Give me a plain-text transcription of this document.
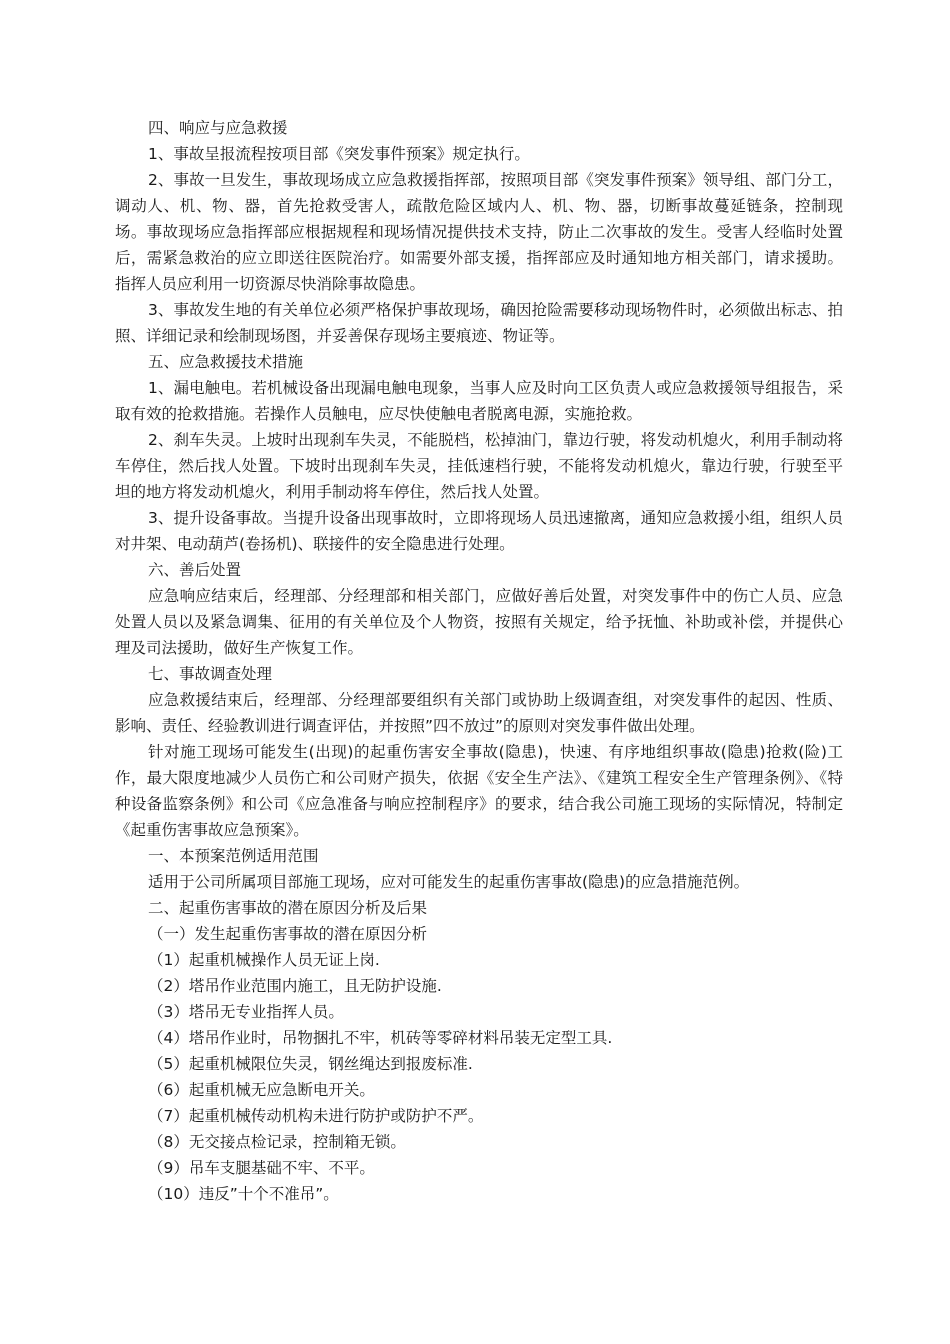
四、响应与应急救援

1、事故呈报流程按项目部《突发事件预案》规定执行。

2、事故一旦发生，事故现场成立应急救援指挥部，按照项目部《突发事件预案》领导组、部门分工，调动人、机、物、器，首先抢救受害人，疏散危险区域内人、机、物、器，切断事故蔓延链条，控制现场。事故现场应急指挥部应根据规程和现场情况提供技术支持，防止二次事故的发生。受害人经临时处置后，需紧急救治的应立即送往医院治疗。如需要外部支援，指挥部应及时通知地方相关部门，请求援助。指挥人员应利用一切资源尽快消除事故隐患。

3、事故发生地的有关单位必须严格保护事故现场，确因抢险需要移动现场物件时，必须做出标志、拍照、详细记录和绘制现场图，并妥善保存现场主要痕迹、物证等。

五、应急救援技术措施

1、漏电触电。若机械设备出现漏电触电现象，当事人应及时向工区负责人或应急救援领导组报告，采取有效的抢救措施。若操作人员触电，应尽快使触电者脱离电源，实施抢救。

2、刹车失灵。上坡时出现刹车失灵，不能脱档，松掉油门，靠边行驶，将发动机熄火，利用手制动将车停住，然后找人处置。下坡时出现刹车失灵，挂低速档行驶，不能将发动机熄火，靠边行驶，行驶至平坦的地方将发动机熄火，利用手制动将车停住，然后找人处置。

3、提升设备事故。当提升设备出现事故时，立即将现场人员迅速撤离，通知应急救援小组，组织人员对井架、电动葫芦(卷扬机)、联接件的安全隐患进行处理。

六、善后处置

应急响应结束后，经理部、分经理部和相关部门，应做好善后处置，对突发事件中的伤亡人员、应急处置人员以及紧急调集、征用的有关单位及个人物资，按照有关规定，给予抚恤、补助或补偿，并提供心理及司法援助，做好生产恢复工作。

七、事故调查处理

应急救援结束后，经理部、分经理部要组织有关部门或协助上级调查组，对突发事件的起因、性质、影响、责任、经验教训进行调查评估，并按照”四不放过”的原则对突发事件做出处理。

针对施工现场可能发生(出现)的起重伤害安全事故(隐患)，快速、有序地组织事故(隐患)抢救(险)工作，最大限度地减少人员伤亡和公司财产损失，依据《安全生产法》、《建筑工程安全生产管理条例》、《特种设备监察条例》和公司《应急准备与响应控制程序》的要求，结合我公司施工现场的实际情况，特制定《起重伤害事故应急预案》。

一、本预案范例适用范围

适用于公司所属项目部施工现场，应对可能发生的起重伤害事故(隐患)的应急措施范例。

二、起重伤害事故的潜在原因分析及后果

（一）发生起重伤害事故的潜在原因分析

（1）起重机械操作人员无证上岗.

（2）塔吊作业范围内施工，且无防护设施.

（3）塔吊无专业指挥人员。

（4）塔吊作业时，吊物捆扎不牢，机砖等零碎材料吊装无定型工具.

（5）起重机械限位失灵，钢丝绳达到报废标准.

（6）起重机械无应急断电开关。

（7）起重机械传动机构未进行防护或防护不严。

（8）无交接点检记录，控制箱无锁。

（9）吊车支腿基础不牢、不平。

（10）违反”十个不准吊”。
